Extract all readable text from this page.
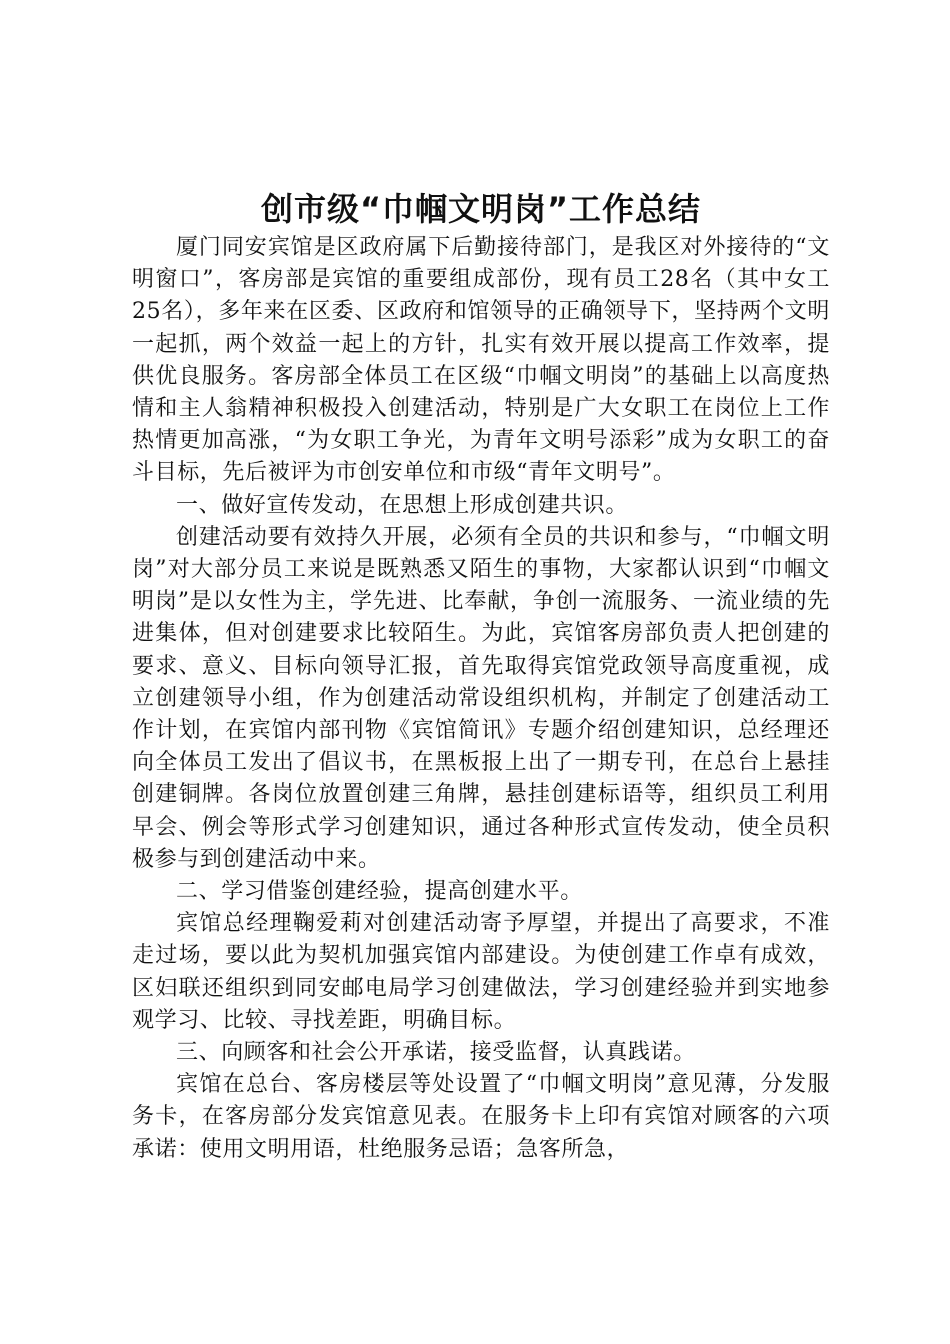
创市级“巾帼文明岗”工作总结

厦门同安宾馆是区政府属下后勤接待部门，是我区对外接待的“文明窗口”，客房部是宾馆的重要组成部份，现有员工28名（其中女工25名），多年来在区委、区政府和馆领导的正确领导下，坚持两个文明一起抓，两个效益一起上的方针，扎实有效开展以提高工作效率，提供优良服务。客房部全体员工在区级“巾帼文明岗”的基础上以高度热情和主人翁精神积极投入创建活动，特别是广大女职工在岗位上工作热情更加高涨，“为女职工争光，为青年文明号添彩”成为女职工的奋斗目标，先后被评为市创安单位和市级“青年文明号”。

一、做好宣传发动，在思想上形成创建共识。

创建活动要有效持久开展，必须有全员的共识和参与，“巾帼文明岗”对大部分员工来说是既熟悉又陌生的事物，大家都认识到“巾帼文明岗”是以女性为主，学先进、比奉献，争创一流服务、一流业绩的先进集体，但对创建要求比较陌生。为此，宾馆客房部负责人把创建的要求、意义、目标向领导汇报，首先取得宾馆党政领导高度重视，成立创建领导小组，作为创建活动常设组织机构，并制定了创建活动工作计划，在宾馆内部刊物《宾馆简讯》专题介绍创建知识，总经理还向全体员工发出了倡议书，在黑板报上出了一期专刊，在总台上悬挂创建铜牌。各岗位放置创建三角牌，悬挂创建标语等，组织员工利用早会、例会等形式学习创建知识，通过各种形式宣传发动，使全员积极参与到创建活动中来。

二、学习借鉴创建经验，提高创建水平。

宾馆总经理鞠爱莉对创建活动寄予厚望，并提出了高要求，不准走过场，要以此为契机加强宾馆内部建设。为使创建工作卓有成效，区妇联还组织到同安邮电局学习创建做法，学习创建经验并到实地参观学习、比较、寻找差距，明确目标。

三、向顾客和社会公开承诺，接受监督，认真践诺。

宾馆在总台、客房楼层等处设置了“巾帼文明岗”意见薄，分发服务卡，在客房部分发宾馆意见表。在服务卡上印有宾馆对顾客的六项承诺：使用文明用语，杜绝服务忌语；急客所急，
